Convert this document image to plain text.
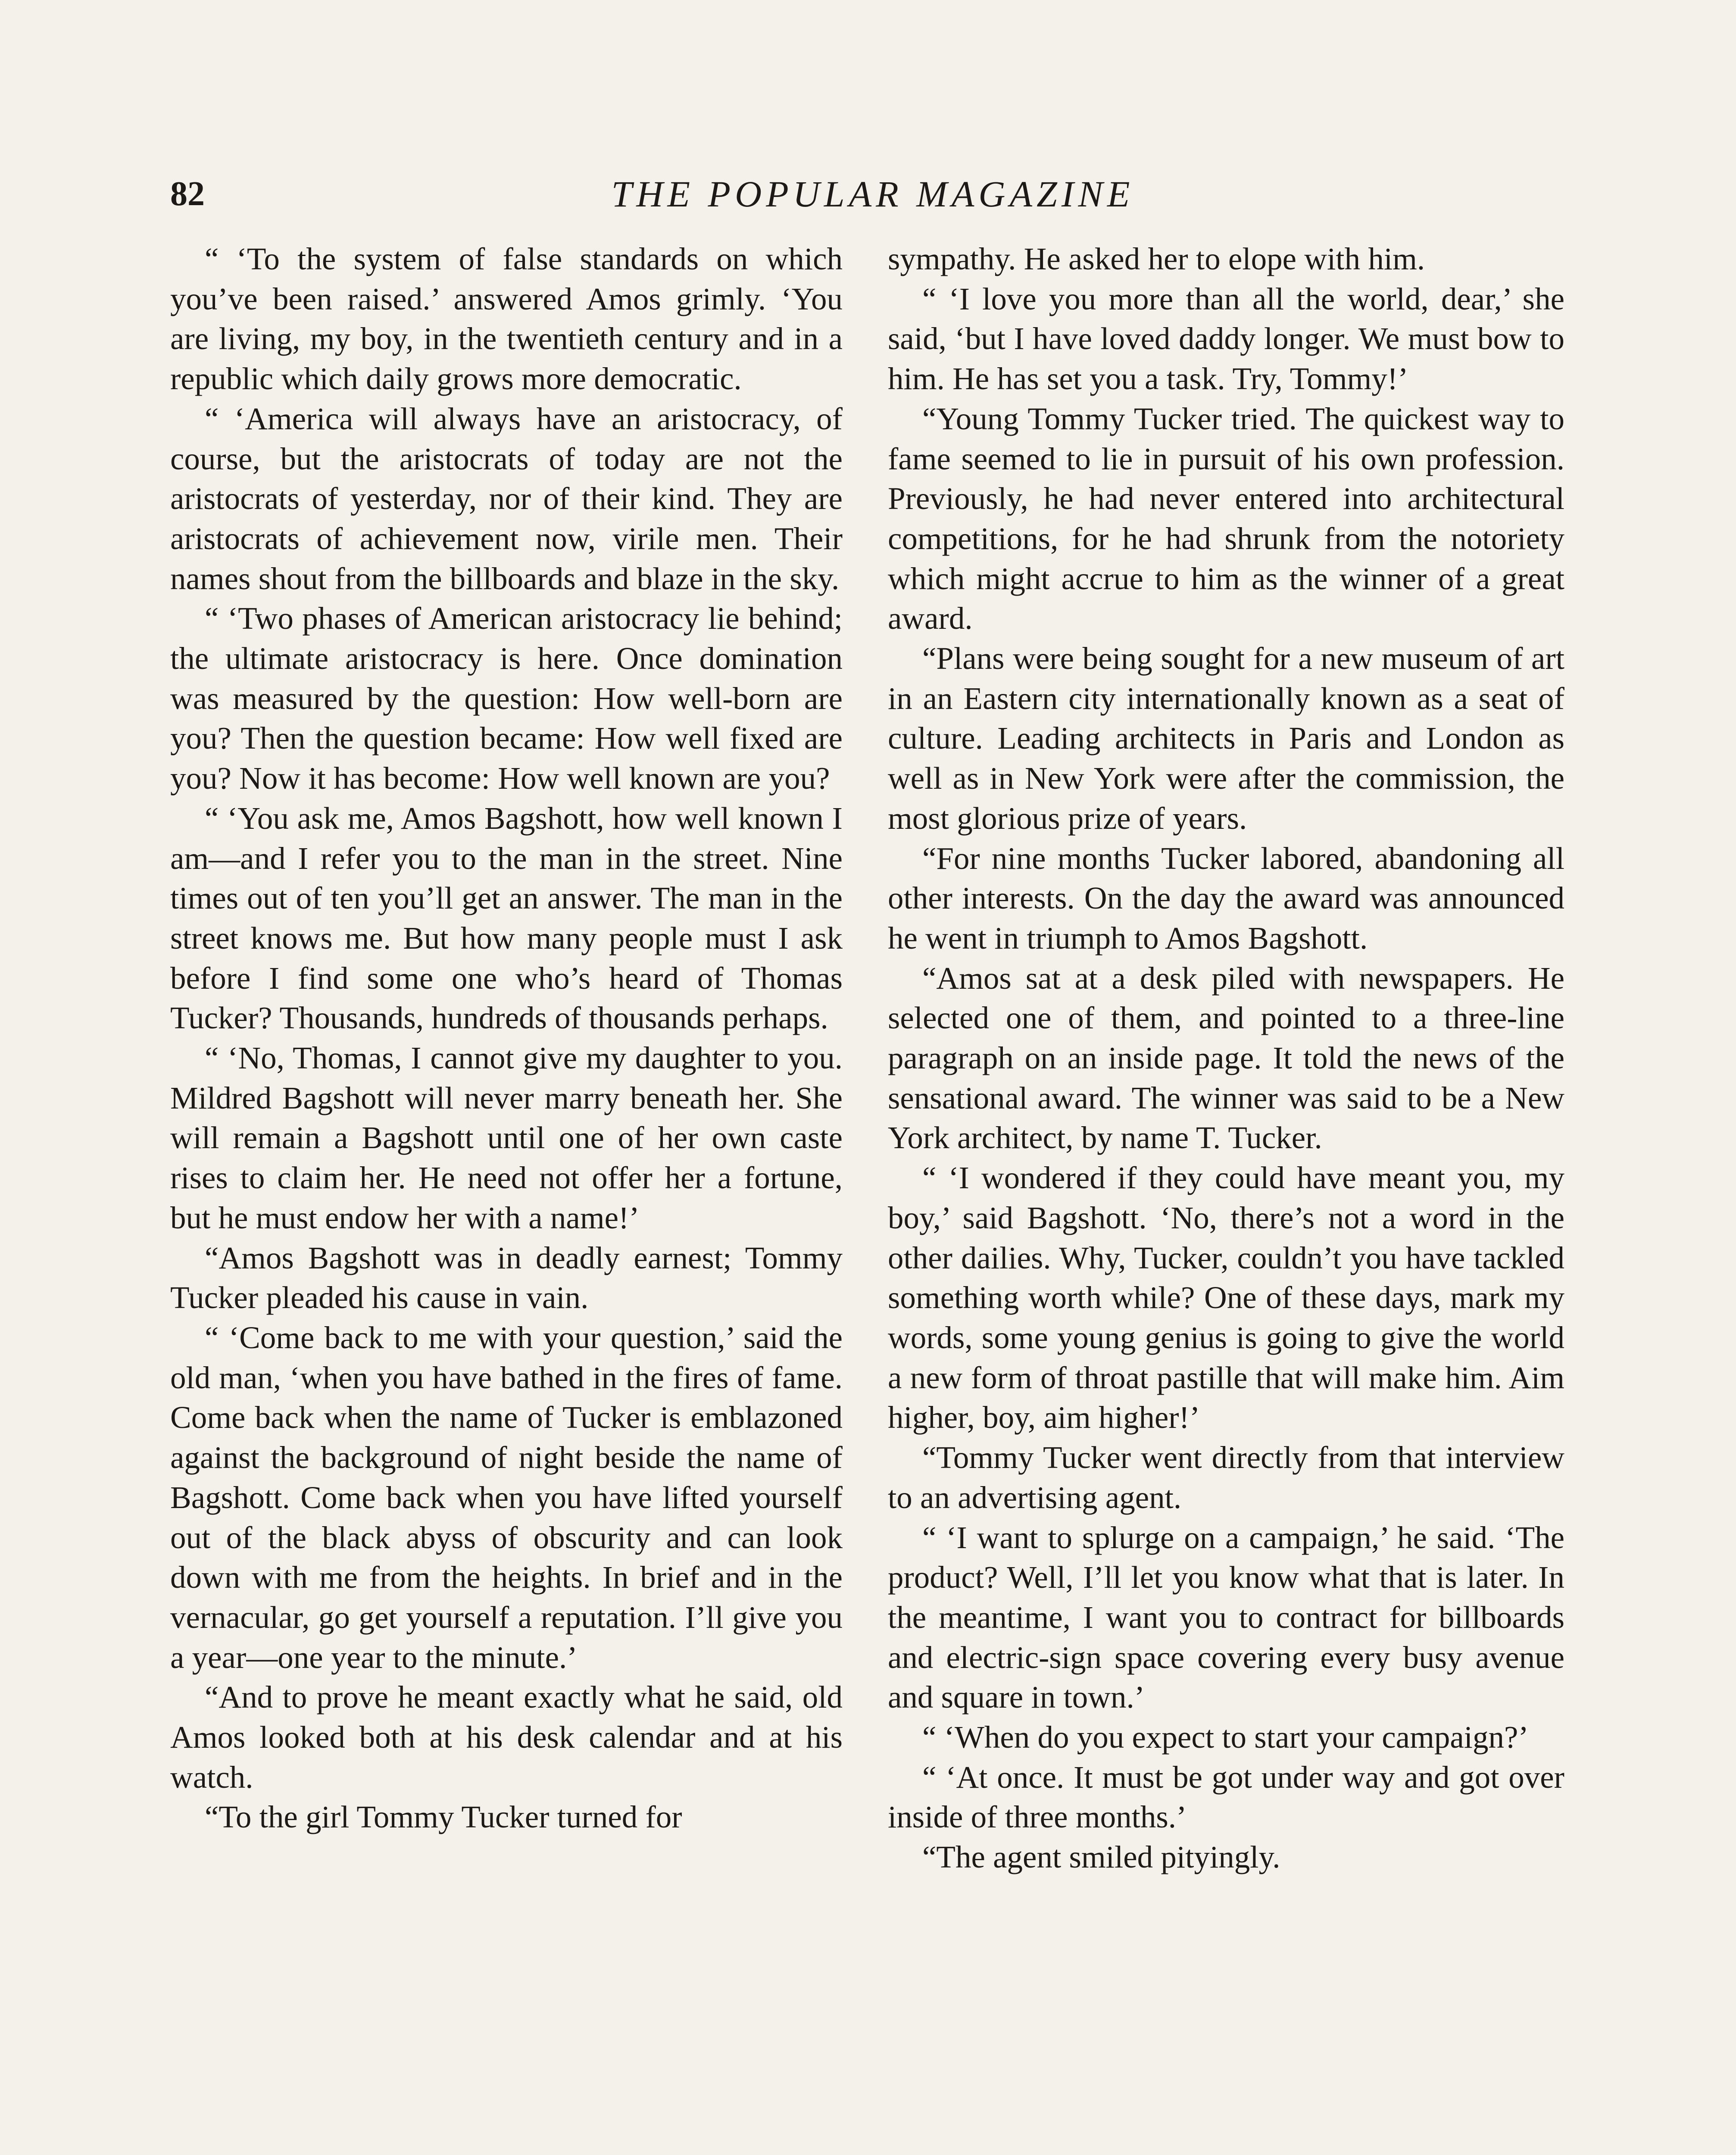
82	THE POPULAR MAGAZINE

“ ‘To the system of false standards on which you’ve been raised.’ answered Amos grimly. ‘You are living, my boy, in the twentieth century and in a republic which daily grows more democratic.

“ ‘America will always have an aristocracy, of course, but the aristocrats of today are not the aristocrats of yesterday, nor of their kind. They are aristocrats of achievement now, virile men. Their names shout from the billboards and blaze in the sky.

“ ‘Two phases of American aristocracy lie behind; the ultimate aristocracy is here. Once domination was measured by the question: How well-born are you? Then the question became: How well fixed are you? Now it has become: How well known are you?

“ ‘You ask me, Amos Bagshott, how well known I am—and I refer you to the man in the street. Nine times out of ten you’ll get an answer. The man in the street knows me. But how many people must I ask before I find some one who’s heard of Thomas Tucker? Thousands, hundreds of thousands perhaps.

“ ‘No, Thomas, I cannot give my daughter to you. Mildred Bagshott will never marry beneath her. She will remain a Bagshott until one of her own caste rises to claim her. He need not offer her a fortune, but he must endow her with a name!’

“Amos Bagshott was in deadly earnest; Tommy Tucker pleaded his cause in vain.

“ ‘Come back to me with your question,’ said the old man, ‘when you have bathed in the fires of fame. Come back when the name of Tucker is emblazoned against the background of night beside the name of Bagshott. Come back when you have lifted yourself out of the black abyss of obscurity and can look down with me from the heights. In brief and in the vernacular, go get yourself a reputation. I’ll give you a year—one year to the minute.’

“And to prove he meant exactly what he said, old Amos looked both at his desk calendar and at his watch.

“To the girl Tommy Tucker turned for

sympathy. He asked her to elope with him.

“ ‘I love you more than all the world, dear,’ she said, ‘but I have loved daddy longer. We must bow to him. He has set you a task. Try, Tommy!’

“Young Tommy Tucker tried. The quickest way to fame seemed to lie in pursuit of his own profession. Previously, he had never entered into architectural competitions, for he had shrunk from the notoriety which might accrue to him as the winner of a great award.

“Plans were being sought for a new museum of art in an Eastern city internationally known as a seat of culture. Leading architects in Paris and London as well as in New York were after the commission, the most glorious prize of years.

“For nine months Tucker labored, abandoning all other interests. On the day the award was announced he went in triumph to Amos Bagshott.

“Amos sat at a desk piled with newspapers. He selected one of them, and pointed to a three-line paragraph on an inside page. It told the news of the sensational award. The winner was said to be a New York architect, by name T. Tucker.

“ ‘I wondered if they could have meant you, my boy,’ said Bagshott. ‘No, there’s not a word in the other dailies. Why, Tucker, couldn’t you have tackled something worth while? One of these days, mark my words, some young genius is going to give the world a new form of throat pastille that will make him. Aim higher, boy, aim higher!’

“Tommy Tucker went directly from that interview to an advertising agent.

“ ‘I want to splurge on a campaign,’ he said. ‘The product? Well, I’ll let you know what that is later. In the meantime, I want you to contract for billboards and electric-sign space covering every busy avenue and square in town.’

“ ‘When do you expect to start your campaign?’

“ ‘At once. It must be got under way and got over inside of three months.’

“The agent smiled pityingly.
